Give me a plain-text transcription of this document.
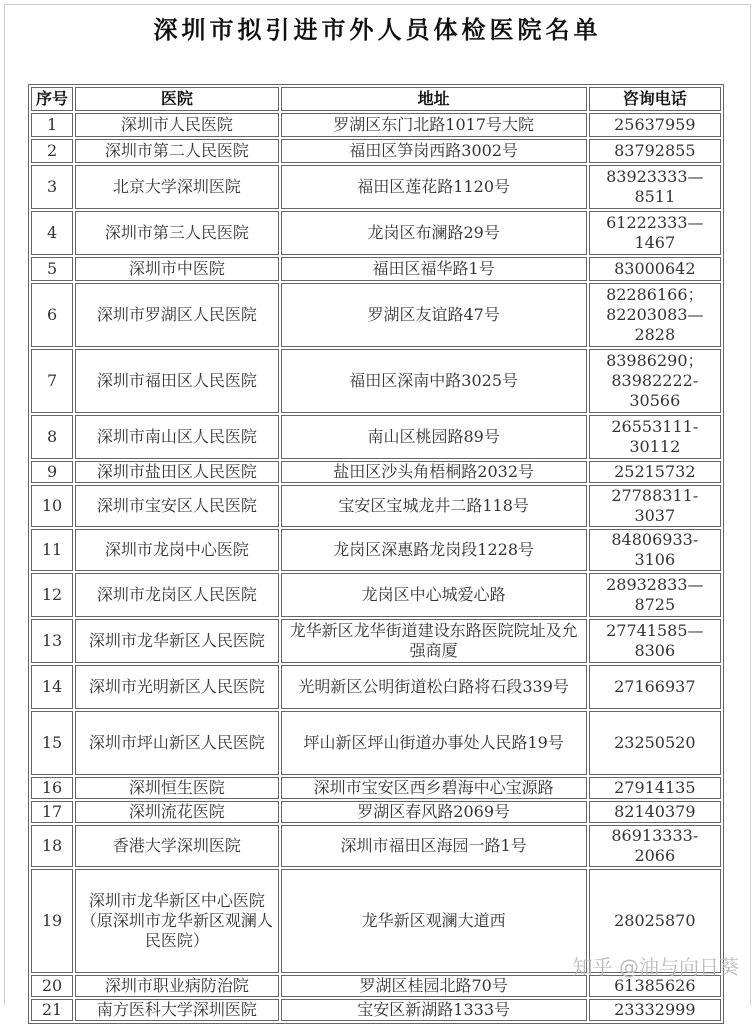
深圳市拟引进市外人员体检医院名单
序号	医院	地址	咨询电话
1	深圳市人民医院	罗湖区东门北路1017号大院	25637959
2	深圳市第二人民医院	福田区笋岗西路3002号	83792855
3	北京大学深圳医院	福田区莲花路1120号	83923333—8511
4	深圳市第三人民医院	龙岗区布澜路29号	61222333—1467
5	深圳市中医院	福田区福华路1号	83000642
6	深圳市罗湖区人民医院	罗湖区友谊路47号	82286166；82203083—2828
7	深圳市福田区人民医院	福田区深南中路3025号	83986290；83982222-30566
8	深圳市南山区人民医院	南山区桃园路89号	26553111-30112
9	深圳市盐田区人民医院	盐田区沙头角梧桐路2032号	25215732
10	深圳市宝安区人民医院	宝安区宝城龙井二路118号	27788311-3037
11	深圳市龙岗中心医院	龙岗区深惠路龙岗段1228号	84806933-3106
12	深圳市龙岗区人民医院	龙岗区中心城爱心路	28932833—8725
13	深圳市龙华新区人民医院	龙华新区龙华街道建设东路医院院址及允强商厦	27741585—8306
14	深圳市光明新区人民医院	光明新区公明街道松白路将石段339号	27166937
15	深圳市坪山新区人民医院	坪山新区坪山街道办事处人民路19号	23250520
16	深圳恒生医院	深圳市宝安区西乡碧海中心宝源路	27914135
17	深圳流花医院	罗湖区春风路2069号	82140379
18	香港大学深圳医院	深圳市福田区海园一路1号	86913333-2066
19	深圳市龙华新区中心医院（原深圳市龙华新区观澜人民医院）	龙华新区观澜大道西	28025870
20	深圳市职业病防治院	罗湖区桂园北路70号	61385626
21	南方医科大学深圳医院	宝安区新湖路1333号	23332999
知乎 @油与向日葵
